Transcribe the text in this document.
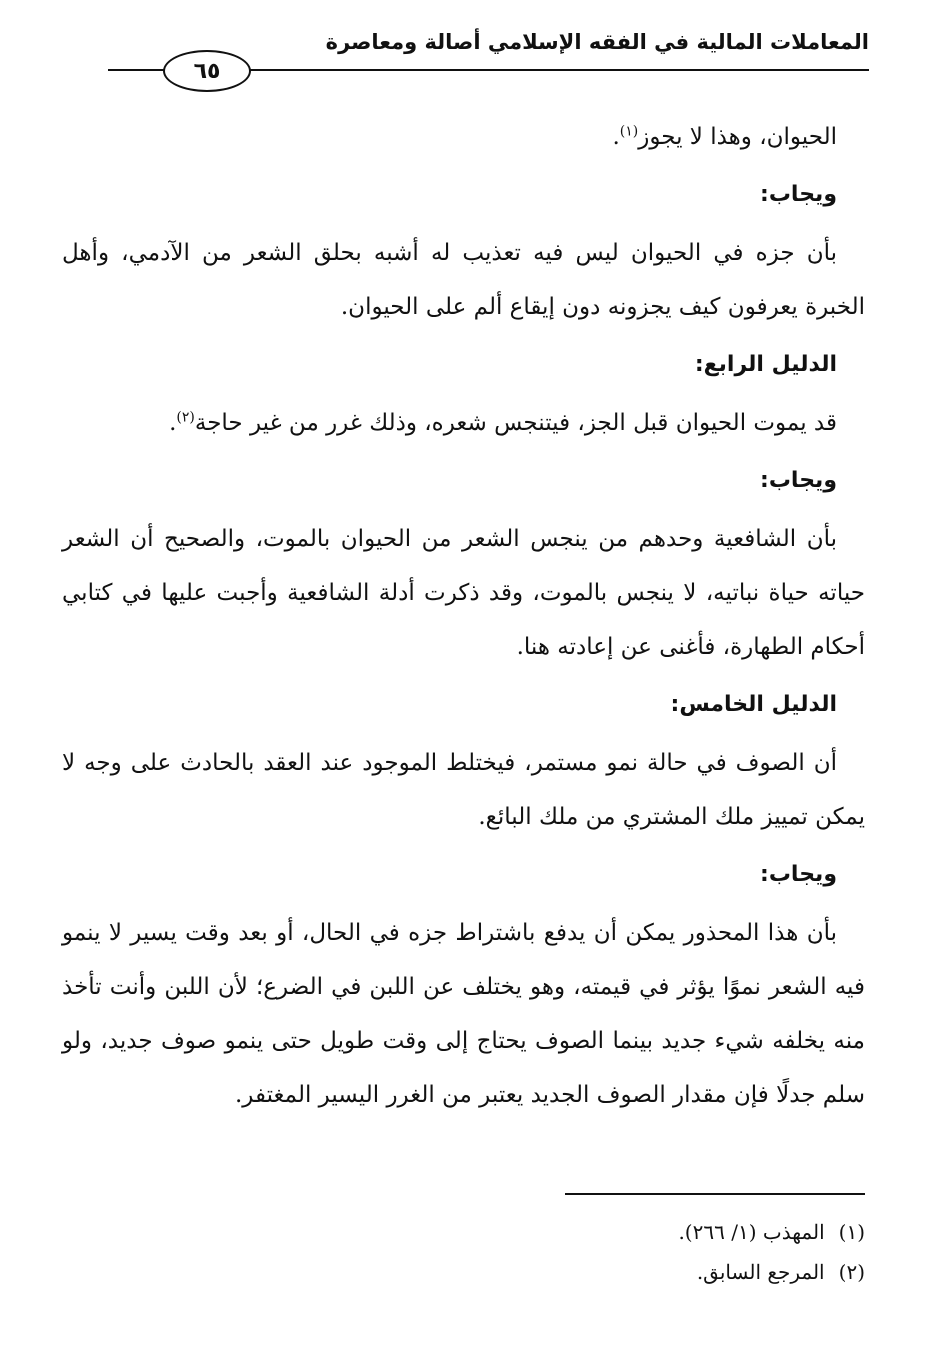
المعاملات المالية في الفقه الإسلامي أصالة ومعاصرة
٦٥

الحيوان، وهذا لا يجوز$^{(١)}$.

ويجاب:

بأن جزه في الحيوان ليس فيه تعذيب له أشبه بحلق الشعر من الآدمي، وأهل الخبرة يعرفون كيف يجزونه دون إيقاع ألم على الحيوان.

الدليل الرابع:

قد يموت الحيوان قبل الجز، فيتنجس شعره، وذلك غرر من غير حاجة$^{(٢)}$.

ويجاب:

بأن الشافعية وحدهم من ينجس الشعر من الحيوان بالموت، والصحيح أن الشعر حياته حياة نباتيه، لا ينجس بالموت، وقد ذكرت أدلة الشافعية وأجبت عليها في كتابي أحكام الطهارة، فأغنى عن إعادته هنا.

الدليل الخامس:

أن الصوف في حالة نمو مستمر، فيختلط الموجود عند العقد بالحادث على وجه لا يمكن تمييز ملك المشتري من ملك البائع.

ويجاب:

بأن هذا المحذور يمكن أن يدفع باشتراط جزه في الحال، أو بعد وقت يسير لا ينمو فيه الشعر نموًا يؤثر في قيمته، وهو يختلف عن اللبن في الضرع؛ لأن اللبن وأنت تأخذ منه يخلفه شيء جديد بينما الصوف يحتاج إلى وقت طويل حتى ينمو صوف جديد، ولو سلم جدلًا فإن مقدار الصوف الجديد يعتبر من الغرر اليسير المغتفر.

(١)المهذب (١/ ٢٦٦).

(٢)المرجع السابق.
